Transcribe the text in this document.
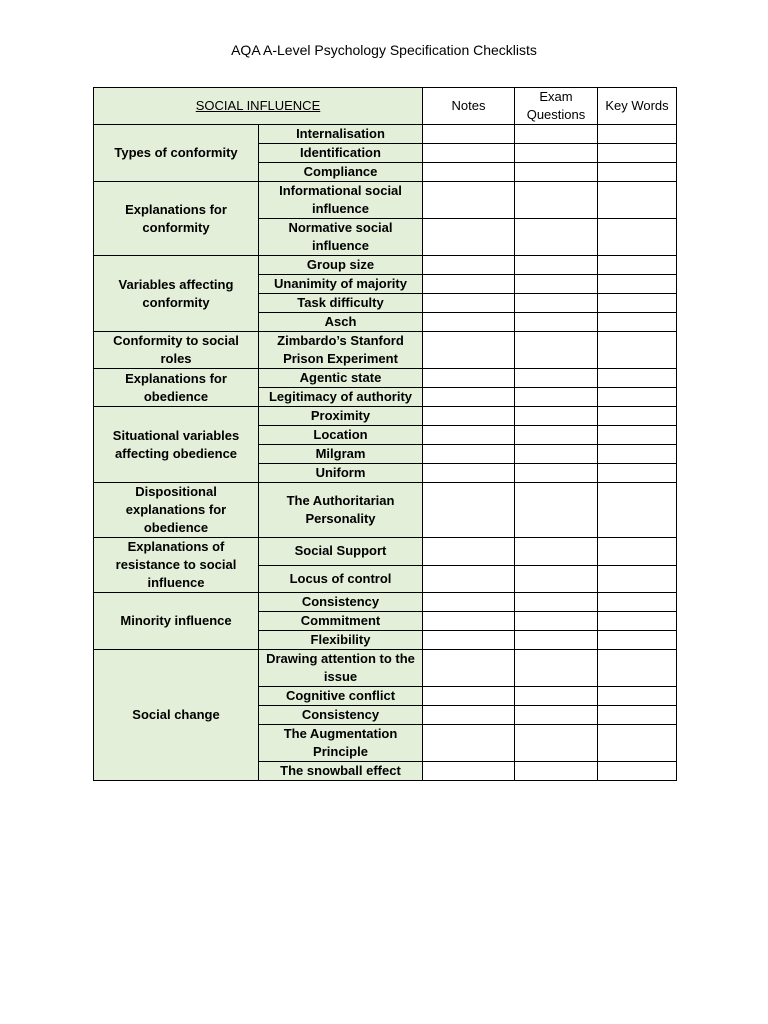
AQA A-Level Psychology Specification Checklists
SOCIAL INFLUENCE		Notes	Exam Questions	Key Words
Types of conformity	Internalisation			
	Identification			
	Compliance			
Explanations for conformity	Informational social influence			
	Normative social influence			
Variables affecting conformity	Group size			
	Unanimity of majority			
	Task difficulty			
	Asch			
Conformity to social roles	Zimbardo’s Stanford Prison Experiment			
Explanations for obedience	Agentic state			
	Legitimacy of authority			
Situational variables affecting obedience	Proximity			
	Location			
	Milgram			
	Uniform			
Dispositional explanations for obedience	The Authoritarian Personality			
Explanations of resistance to social influence	Social Support			
	Locus of control			
Minority influence	Consistency			
	Commitment			
	Flexibility			
Social change	Drawing attention to the issue			
	Cognitive conflict			
	Consistency			
	The Augmentation Principle			
	The snowball effect			
